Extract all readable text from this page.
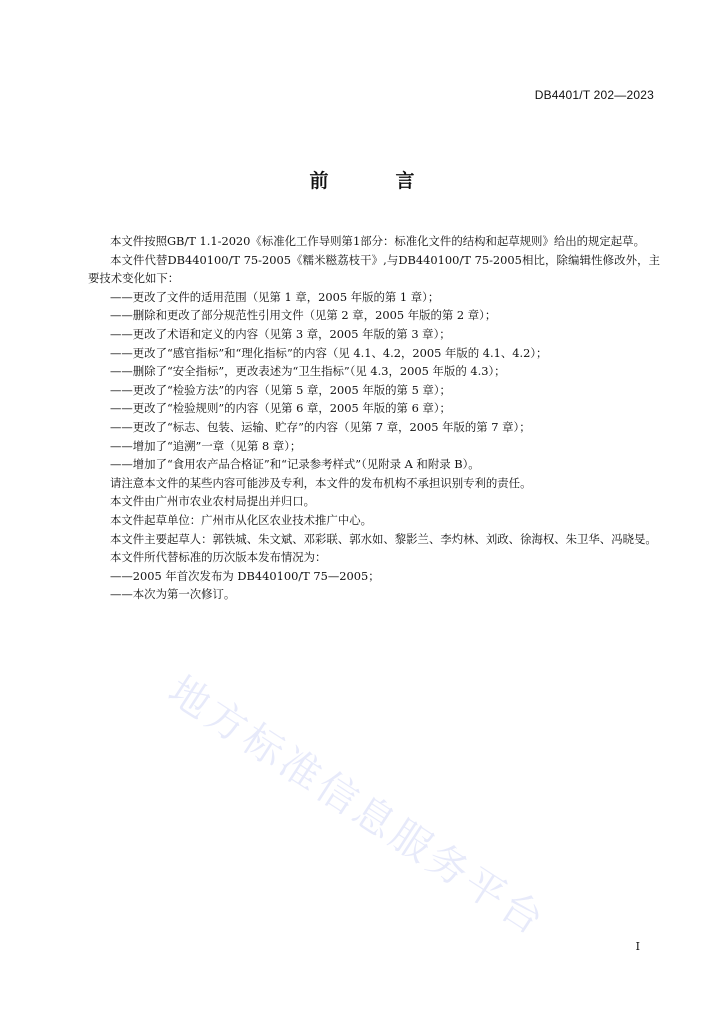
DB4401/T 202—2023
前　言

本文件按照GB/T 1.1-2020《标准化工作导则第1部分：标准化文件的结构和起草规则》给出的规定起草。

本文件代替DB440100/T 75-2005《糯米糍荔枝干》,与DB440100/T 75-2005相比，除编辑性修改外，主要技术变化如下：

——更改了文件的适用范围（见第 1 章，2005 年版的第 1 章）；

——删除和更改了部分规范性引用文件（见第 2 章，2005 年版的第 2 章）；

——更改了术语和定义的内容（见第 3 章，2005 年版的第 3 章）；

——更改了“感官指标”和“理化指标”的内容（见 4.1、4.2，2005 年版的 4.1、4.2）；

——删除了“安全指标”，更改表述为“卫生指标”（见 4.3，2005 年版的 4.3）；

——更改了“检验方法”的内容（见第 5 章，2005 年版的第 5 章）；

——更改了“检验规则”的内容（见第 6 章，2005 年版的第 6 章）；

——更改了“标志、包装、运输、贮存”的内容（见第 7 章，2005 年版的第 7 章）；

——增加了“追溯”一章（见第 8 章）；

——增加了“食用农产品合格证”和“记录参考样式”（见附录 A 和附录 B）。

请注意本文件的某些内容可能涉及专利，本文件的发布机构不承担识别专利的责任。

本文件由广州市农业农村局提出并归口。

本文件起草单位：广州市从化区农业技术推广中心。

本文件主要起草人：郭铁城、朱文斌、邓彩联、郭水如、黎影兰、李灼林、刘政、徐海权、朱卫华、冯晓旻。

本文件所代替标准的历次版本发布情况为：

——2005 年首次发布为 DB440100/T 75—2005；

——本次为第一次修订。

地方标准信息服务平台
I
